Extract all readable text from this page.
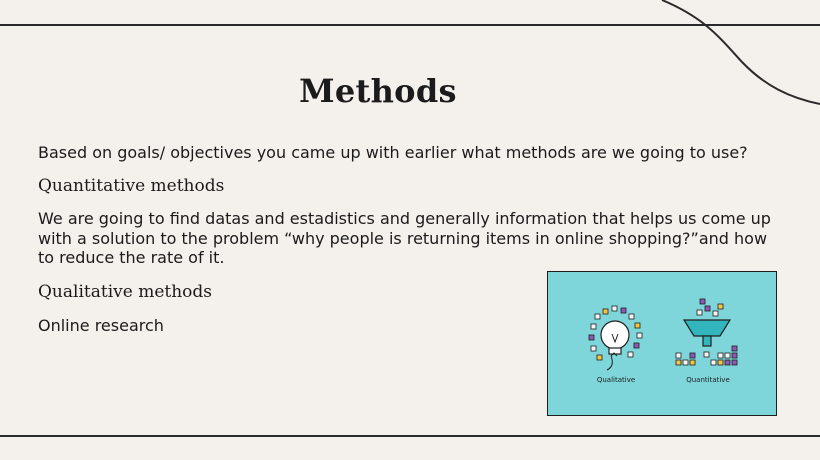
Methods
Based on goals/ objectives you came up with earlier what methods are we going to use?
Quantitative methods
We are going to find datas and estadistics and generally information that helps us come up with a solution to the problem “why people is returning items in online shopping?”and how to reduce the rate of it.
Qualitative methods
Online research
Qualitative	Quantitative
